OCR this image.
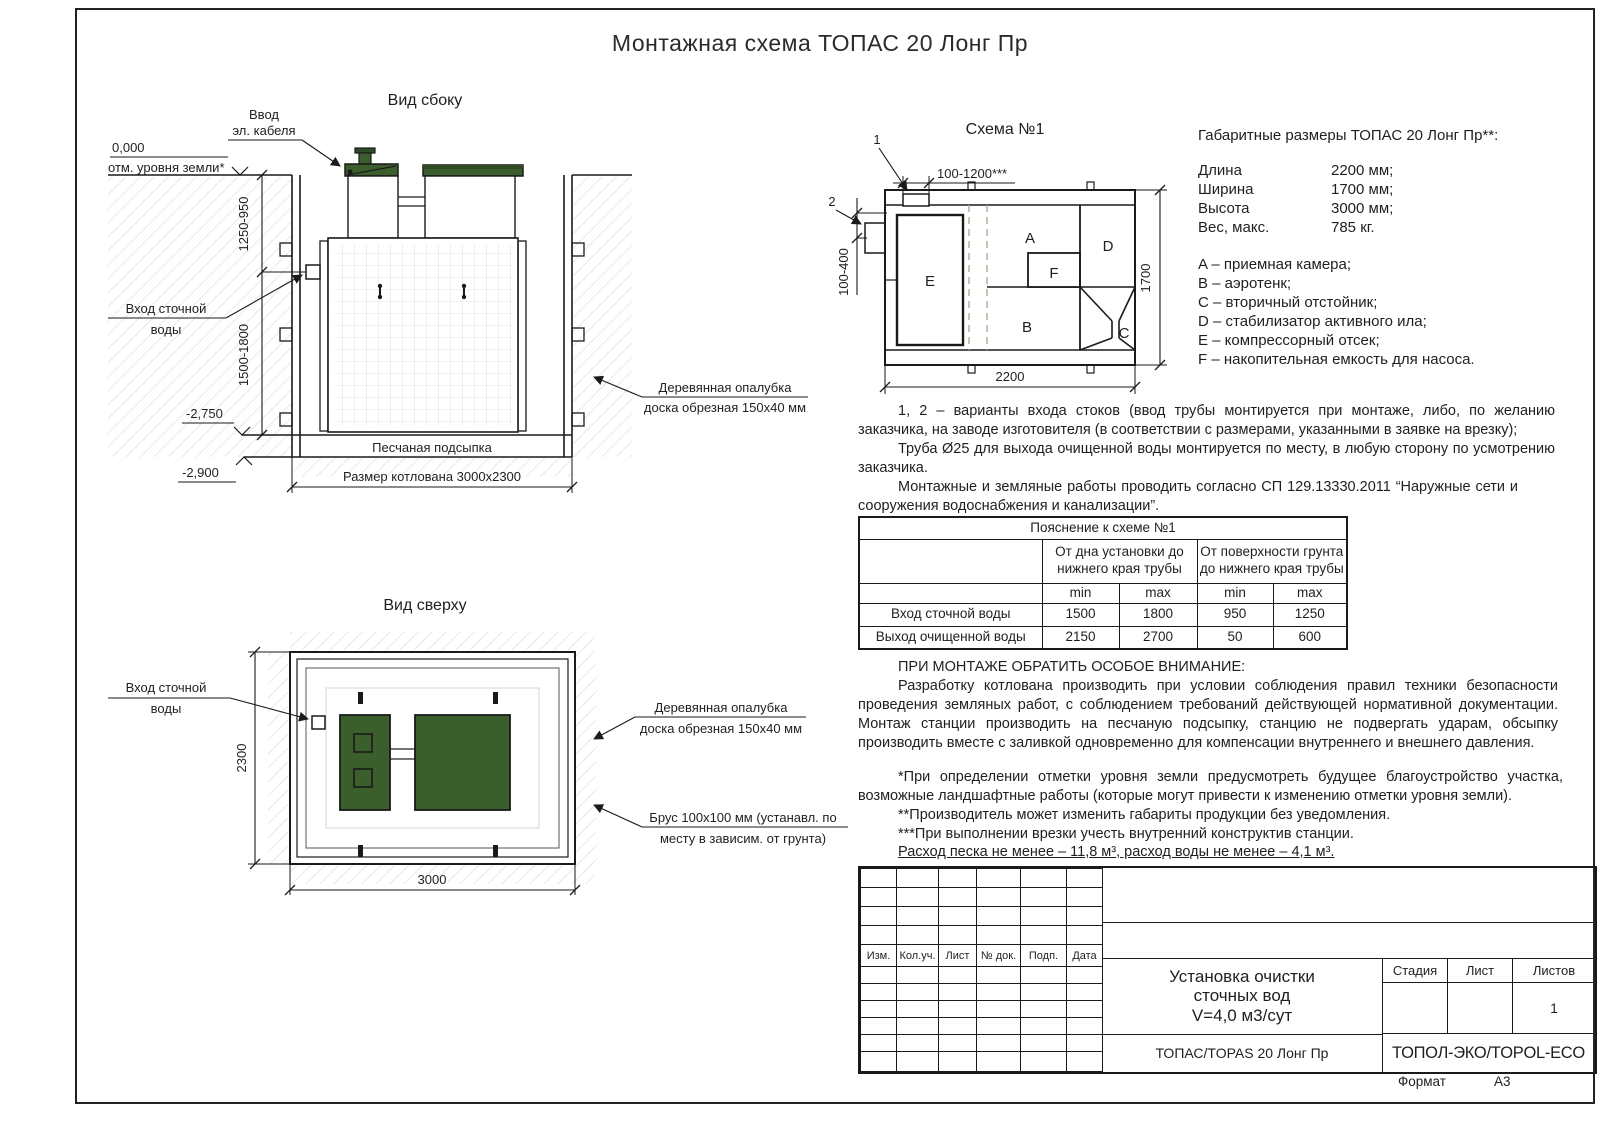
Монтажная схема ТОПАС 20 Лонг Пр
Вид сбоку
Песчаная подсыпка
1250-950
1500-1800
0,000
отм. уровня земли*
-2,750
-2,900
Ввод
эл. кабеля
Вход сточной
воды
Деревянная опалубка
доска обрезная 150х40 мм
Размер котлована 3000х2300
Вид сверху
Вход сточной
воды
2300
3000
Деревянная опалубка
доска обрезная 150х40 мм
Брус 100х100 мм (устанавл. по
месту в зависим. от грунта)
Схема №1
E
A
F
B
D
C
1
2
100-1200***
100-400	1700
2200
Габаритные размеры ТОПАС 20 Лонг Пр**:
Длина	2200 мм;
Ширина	1700 мм;
Высота	3000 мм;
Вес, макс.	785 кг.
A – приемная камера;
B – аэротенк;
C – вторичный отстойник;
D – стабилизатор активного ила;
E – компрессорный отсек;
F – накопительная емкость для насоса.

1, 2 – варианты входа стоков (ввод трубы монтируется при монтаже, либо, по желанию заказчика, на заводе изготовителя (в соответствии с размерами, указанными в заявке на врезку);

Труба Ø25 для выхода очищенной воды монтируется по месту, в любую сторону по усмотрению заказчика.

Монтажные и земляные работы проводить согласно СП 129.13330.2011 “Наружные сети и сооружения водоснабжения и канализации”.

Пояснение к схеме №1				
	От дна установки до
нижнего края трубы		От поверхности грунта
до нижнего края трубы	
	min	max	min	max
Вход сточной воды	1500	1800	950	1250
Выход очищенной воды	2150	2700	50	600

ПРИ МОНТАЖЕ ОБРАТИТЬ ОСОБОЕ ВНИМАНИЕ:

Разработку котлована производить при условии соблюдения правил техники безопасности проведения земляных работ, с соблюдением требований действующей нормативной документации. Монтаж станции производить на песчаную подсыпку, станцию не подвергать ударам, обсыпку производить вместе с заливкой одновременно для компенсации внутреннего и внешнего давления.

*При определении отметки уровня земли предусмотреть будущее благоустройство участка, возможные ландшафтные работы (которые могут привести к изменению отметки уровня земли).

**Производитель может изменить габариты продукции без уведомления.

***При выполнении врезки учесть внутренний конструктив станции.

Расход песка не менее – 11,8 м³, расход воды не менее – 4,1 м³.

Изм.	Кол.уч.	Лист	№ док.	Подп.	Дата

Установка очистки
сточных вод
V=4,0 м3/сут
Стадия	Лист	Листов
		1
ТОПАС/TOPAS 20 Лонг Пр	ТОПОЛ-ЭКО/TOPOL-ECO
Формат	А3
